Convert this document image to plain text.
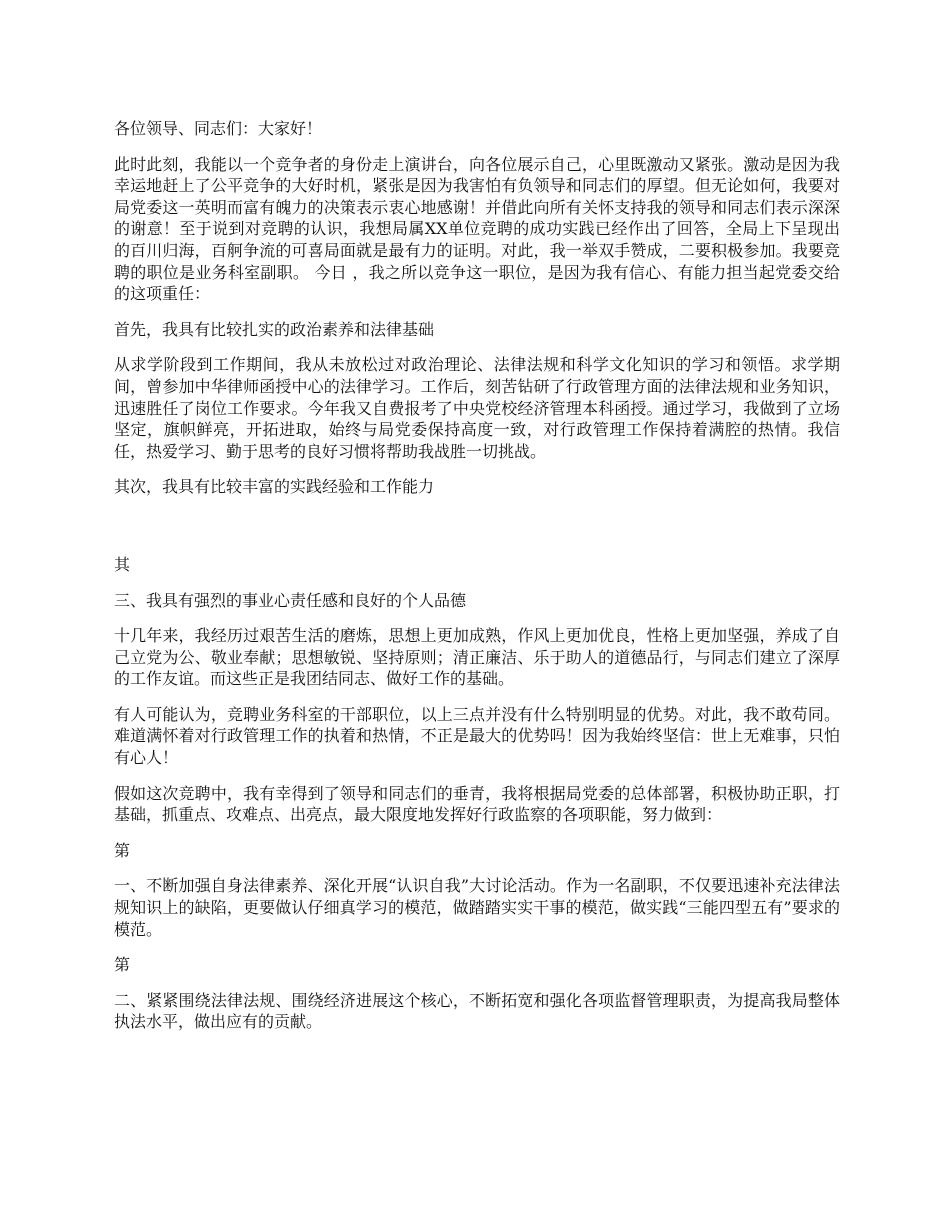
各位领导、同志们：大家好！

此时此刻，我能以一个竞争者的身份走上演讲台，向各位展示自己，心里既激动又紧张。激动是因为我幸运地赶上了公平竞争的大好时机，紧张是因为我害怕有负领导和同志们的厚望。但无论如何，我要对局党委这一英明而富有魄力的决策表示衷心地感谢！并借此向所有关怀支持我的领导和同志们表示深深的谢意！至于说到对竞聘的认识，我想局属XX单位竞聘的成功实践已经作出了回答，全局上下呈现出的百川归海，百舸争流的可喜局面就是最有力的证明。对此，我一举双手赞成，二要积极参加。我要竞聘的职位是业务科室副职。 今日 ，我之所以竞争这一职位，是因为我有信心、有能力担当起党委交给的这项重任：

首先，我具有比较扎实的政治素养和法律基础

从求学阶段到工作期间，我从未放松过对政治理论、法律法规和科学文化知识的学习和领悟。求学期间，曾参加中华律师函授中心的法律学习。工作后，刻苦钻研了行政管理方面的法律法规和业务知识，迅速胜任了岗位工作要求。今年我又自费报考了中央党校经济管理本科函授。通过学习，我做到了立场坚定，旗帜鲜亮，开拓进取，始终与局党委保持高度一致，对行政管理工作保持着满腔的热情。我信任，热爱学习、勤于思考的良好习惯将帮助我战胜一切挑战。

其次，我具有比较丰富的实践经验和工作能力

其

三、我具有强烈的事业心责任感和良好的个人品德

十几年来，我经历过艰苦生活的磨炼，思想上更加成熟，作风上更加优良，性格上更加坚强，养成了自己立党为公、敬业奉献；思想敏锐、坚持原则；清正廉洁、乐于助人的道德品行，与同志们建立了深厚的工作友谊。而这些正是我团结同志、做好工作的基础。

有人可能认为，竞聘业务科室的干部职位，以上三点并没有什么特别明显的优势。对此，我不敢苟同。难道满怀着对行政管理工作的执着和热情，不正是最大的优势吗！因为我始终坚信：世上无难事，只怕有心人！

假如这次竞聘中，我有幸得到了领导和同志们的垂青，我将根据局党委的总体部署，积极协助正职，打基础，抓重点、攻难点、出亮点，最大限度地发挥好行政监察的各项职能，努力做到：

第

一、不断加强自身法律素养、深化开展“认识自我”大讨论活动。作为一名副职，不仅要迅速补充法律法规知识上的缺陷，更要做认仔细真学习的模范，做踏踏实实干事的模范，做实践“三能四型五有”要求的模范。

第

二、紧紧围绕法律法规、围绕经济进展这个核心，不断拓宽和强化各项监督管理职责，为提高我局整体执法水平，做出应有的贡献。
